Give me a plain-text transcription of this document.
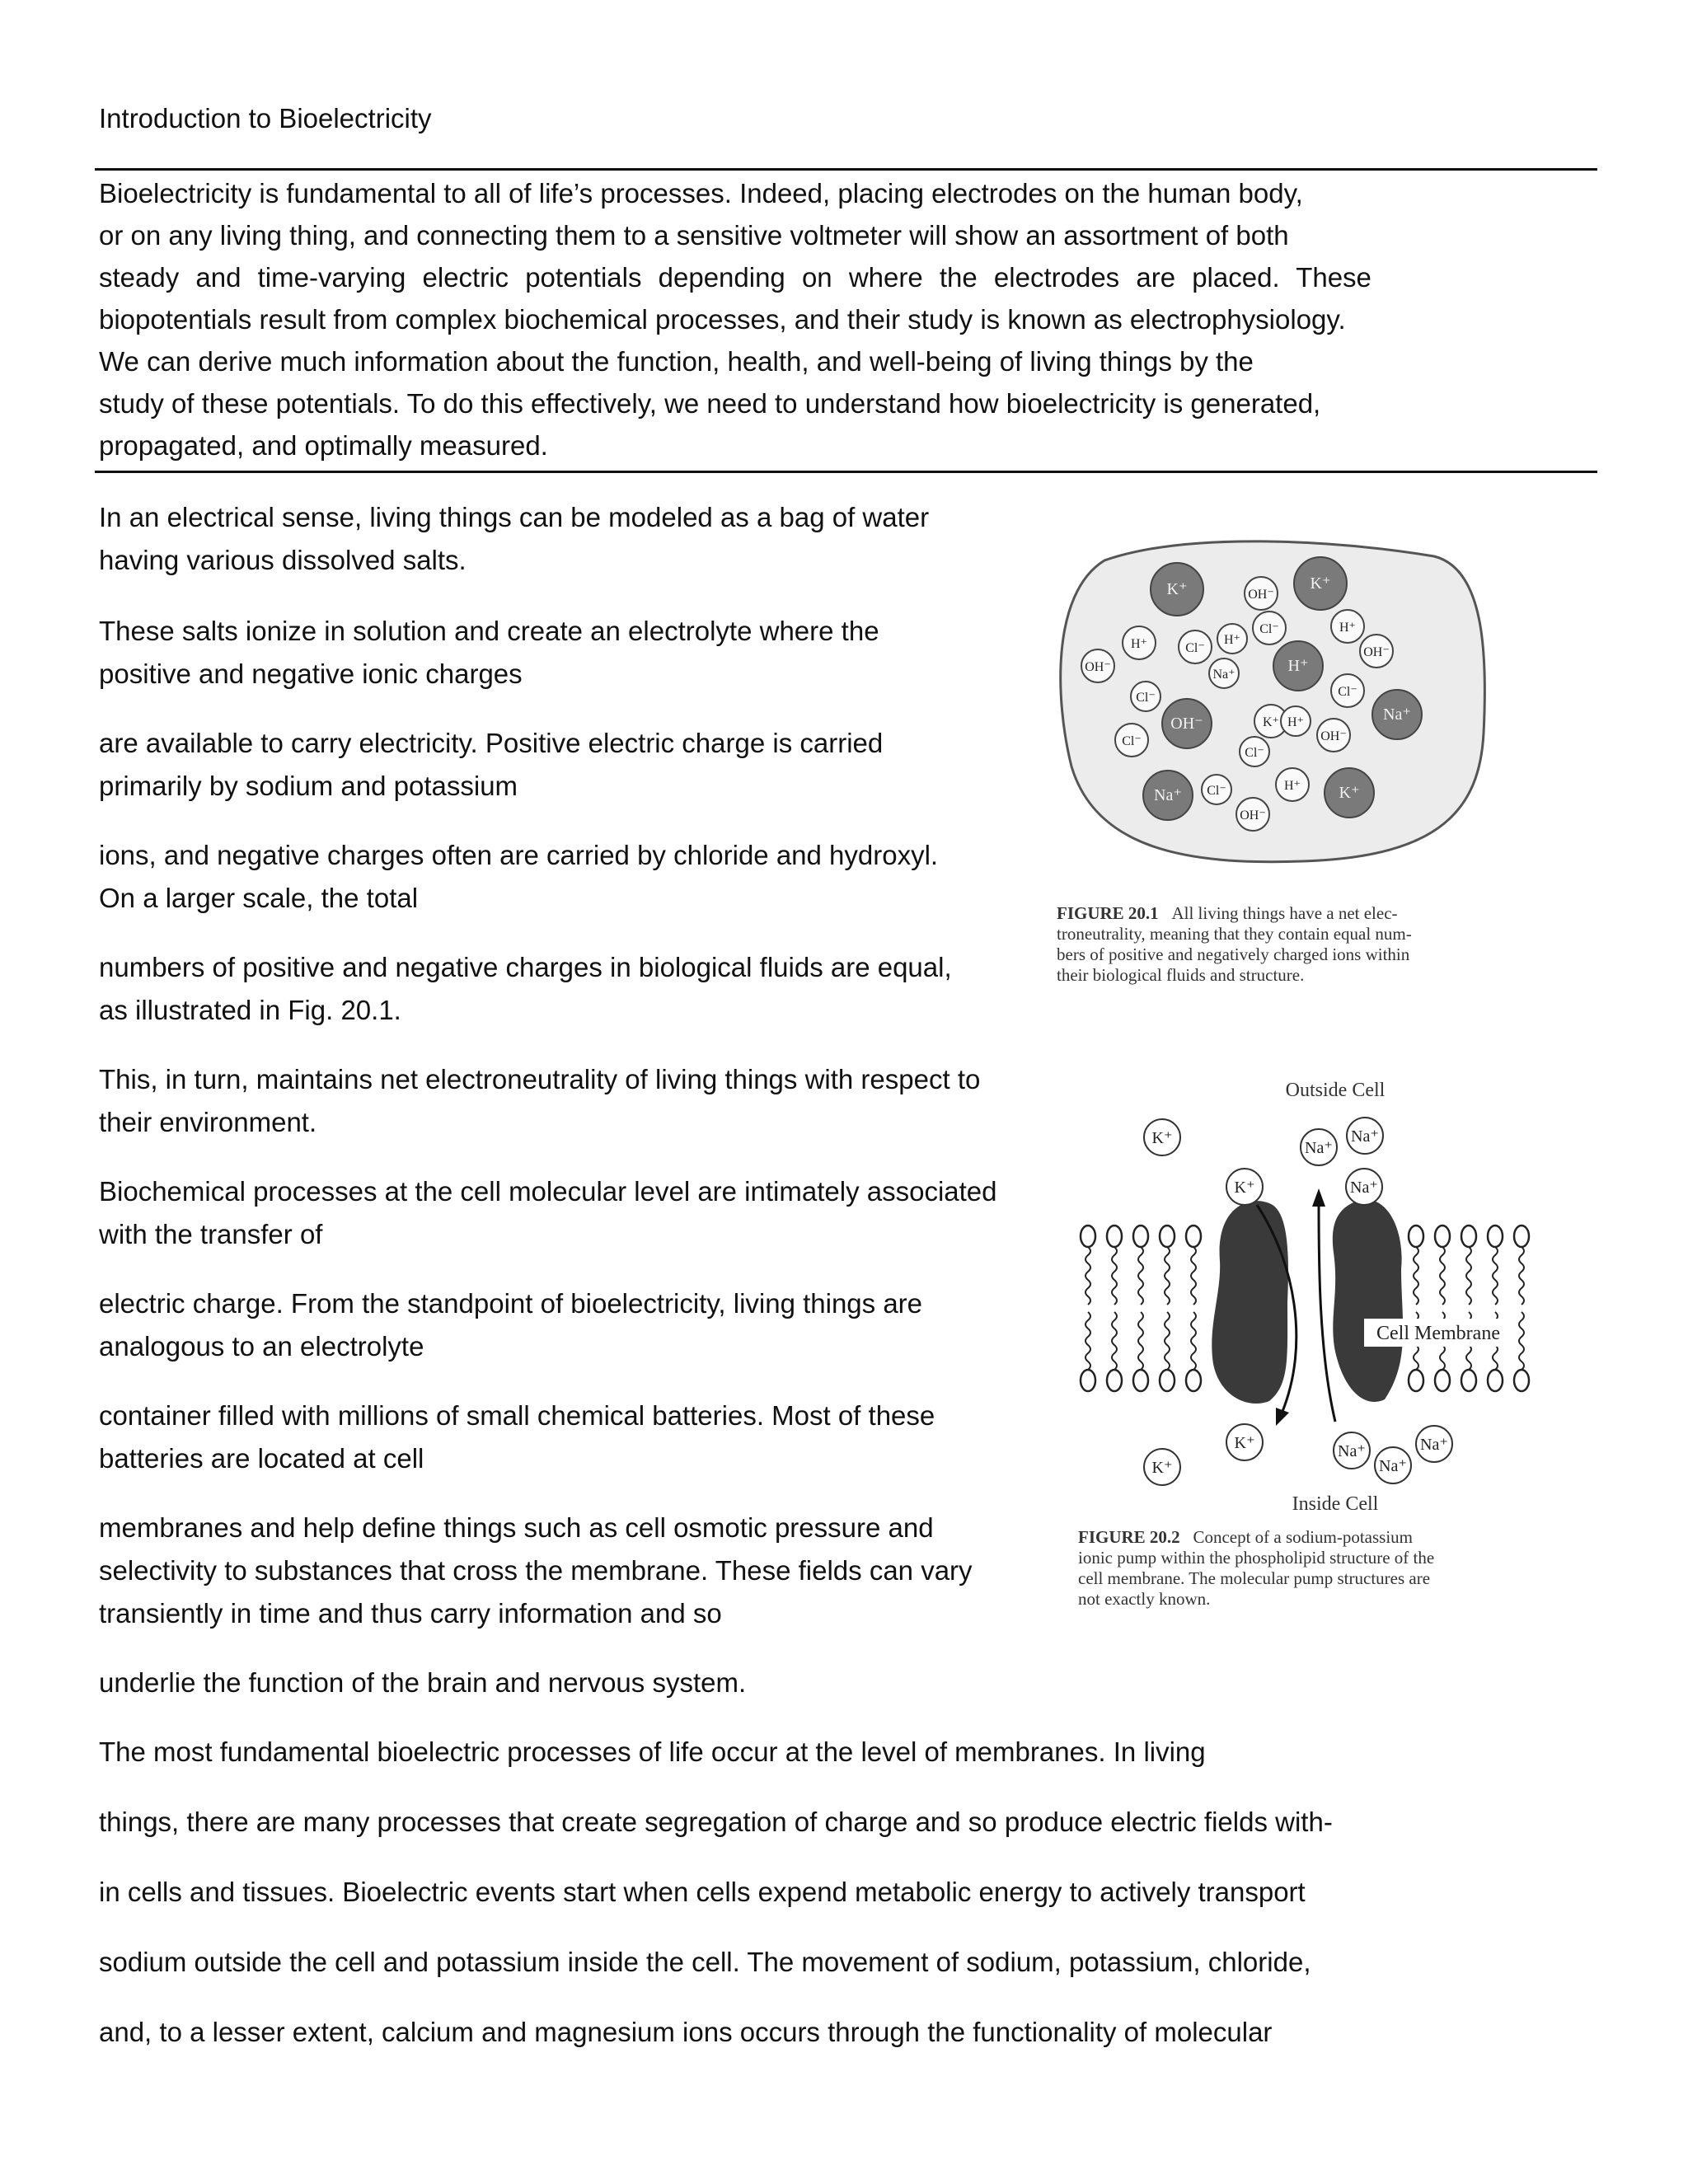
Introduction to Bioelectricity
Bioelectricity is fundamental to all of life’s processes. Indeed, placing electrodes on the human body,
or on any living thing, and connecting them to a sensitive voltmeter will show an assortment of both
steady and time-varying electric potentials depending on where the electrodes are placed. These
biopotentials result from complex biochemical processes, and their study is known as electrophysiology.
We can derive much information about the function, health, and well-being of living things by the
study of these potentials. To do this effectively, we need to understand how bioelectricity is generated,
propagated, and optimally measured.

In an electrical sense, living things can be modeled as a bag of water
having various dissolved salts.

These salts ionize in solution and create an electrolyte where the
positive and negative ionic charges

are available to carry electricity. Positive electric charge is carried
primarily by sodium and potassium

ions, and negative charges often are carried by chloride and hydroxyl.
On a larger scale, the total

numbers of positive and negative charges in biological fluids are equal,
as illustrated in Fig. 20.1.

This, in turn, maintains net electroneutrality of living things with respect to
their environment.

Biochemical processes at the cell molecular level are intimately associated
with the transfer of

electric charge. From the standpoint of bioelectricity, living things are
analogous to an electrolyte

container filled with millions of small chemical batteries. Most of these
batteries are located at cell

membranes and help define things such as cell osmotic pressure and
selectivity to substances that cross the membrane. These fields can vary
transiently in time and thus carry information and so

underlie the function of the brain and nervous system.

The most fundamental bioelectric processes of life occur at the level of membranes. In living
things, there are many processes that create segregation of charge and so produce electric fields with-
in cells and tissues. Bioelectric events start when cells expend metabolic energy to actively transport
sodium outside the cell and potassium inside the cell. The movement of sodium, potassium, chloride,
and, to a lesser extent, calcium and magnesium ions occurs through the functionality of molecular
K⁺	OH⁻
K⁺
H⁺	Cl⁻
H⁺
Cl⁻	H⁺
OH⁻	H⁺
Na⁺
Cl⁻	Cl⁻
OH⁻	K⁺ H⁺
Cl⁻	OH⁻
Na⁺
OH⁻
Cl⁻
Na⁺ Cl⁻	H⁺ K⁺
OH⁻
FIGURE 20.1 All living things have a net elec-
troneutrality, meaning that they contain equal num-
bers of positive and negatively charged ions within
their biological fluids and structure.
Outside Cell
Inside Cell
Cell Membrane
K⁺
Na⁺
Na⁺
K⁺	Na⁺
K⁺
K⁺
Na⁺	Na⁺
Na⁺
FIGURE 20.2 Concept of a sodium-potassium
ionic pump within the phospholipid structure of the
cell membrane. The molecular pump structures are
not exactly known.
